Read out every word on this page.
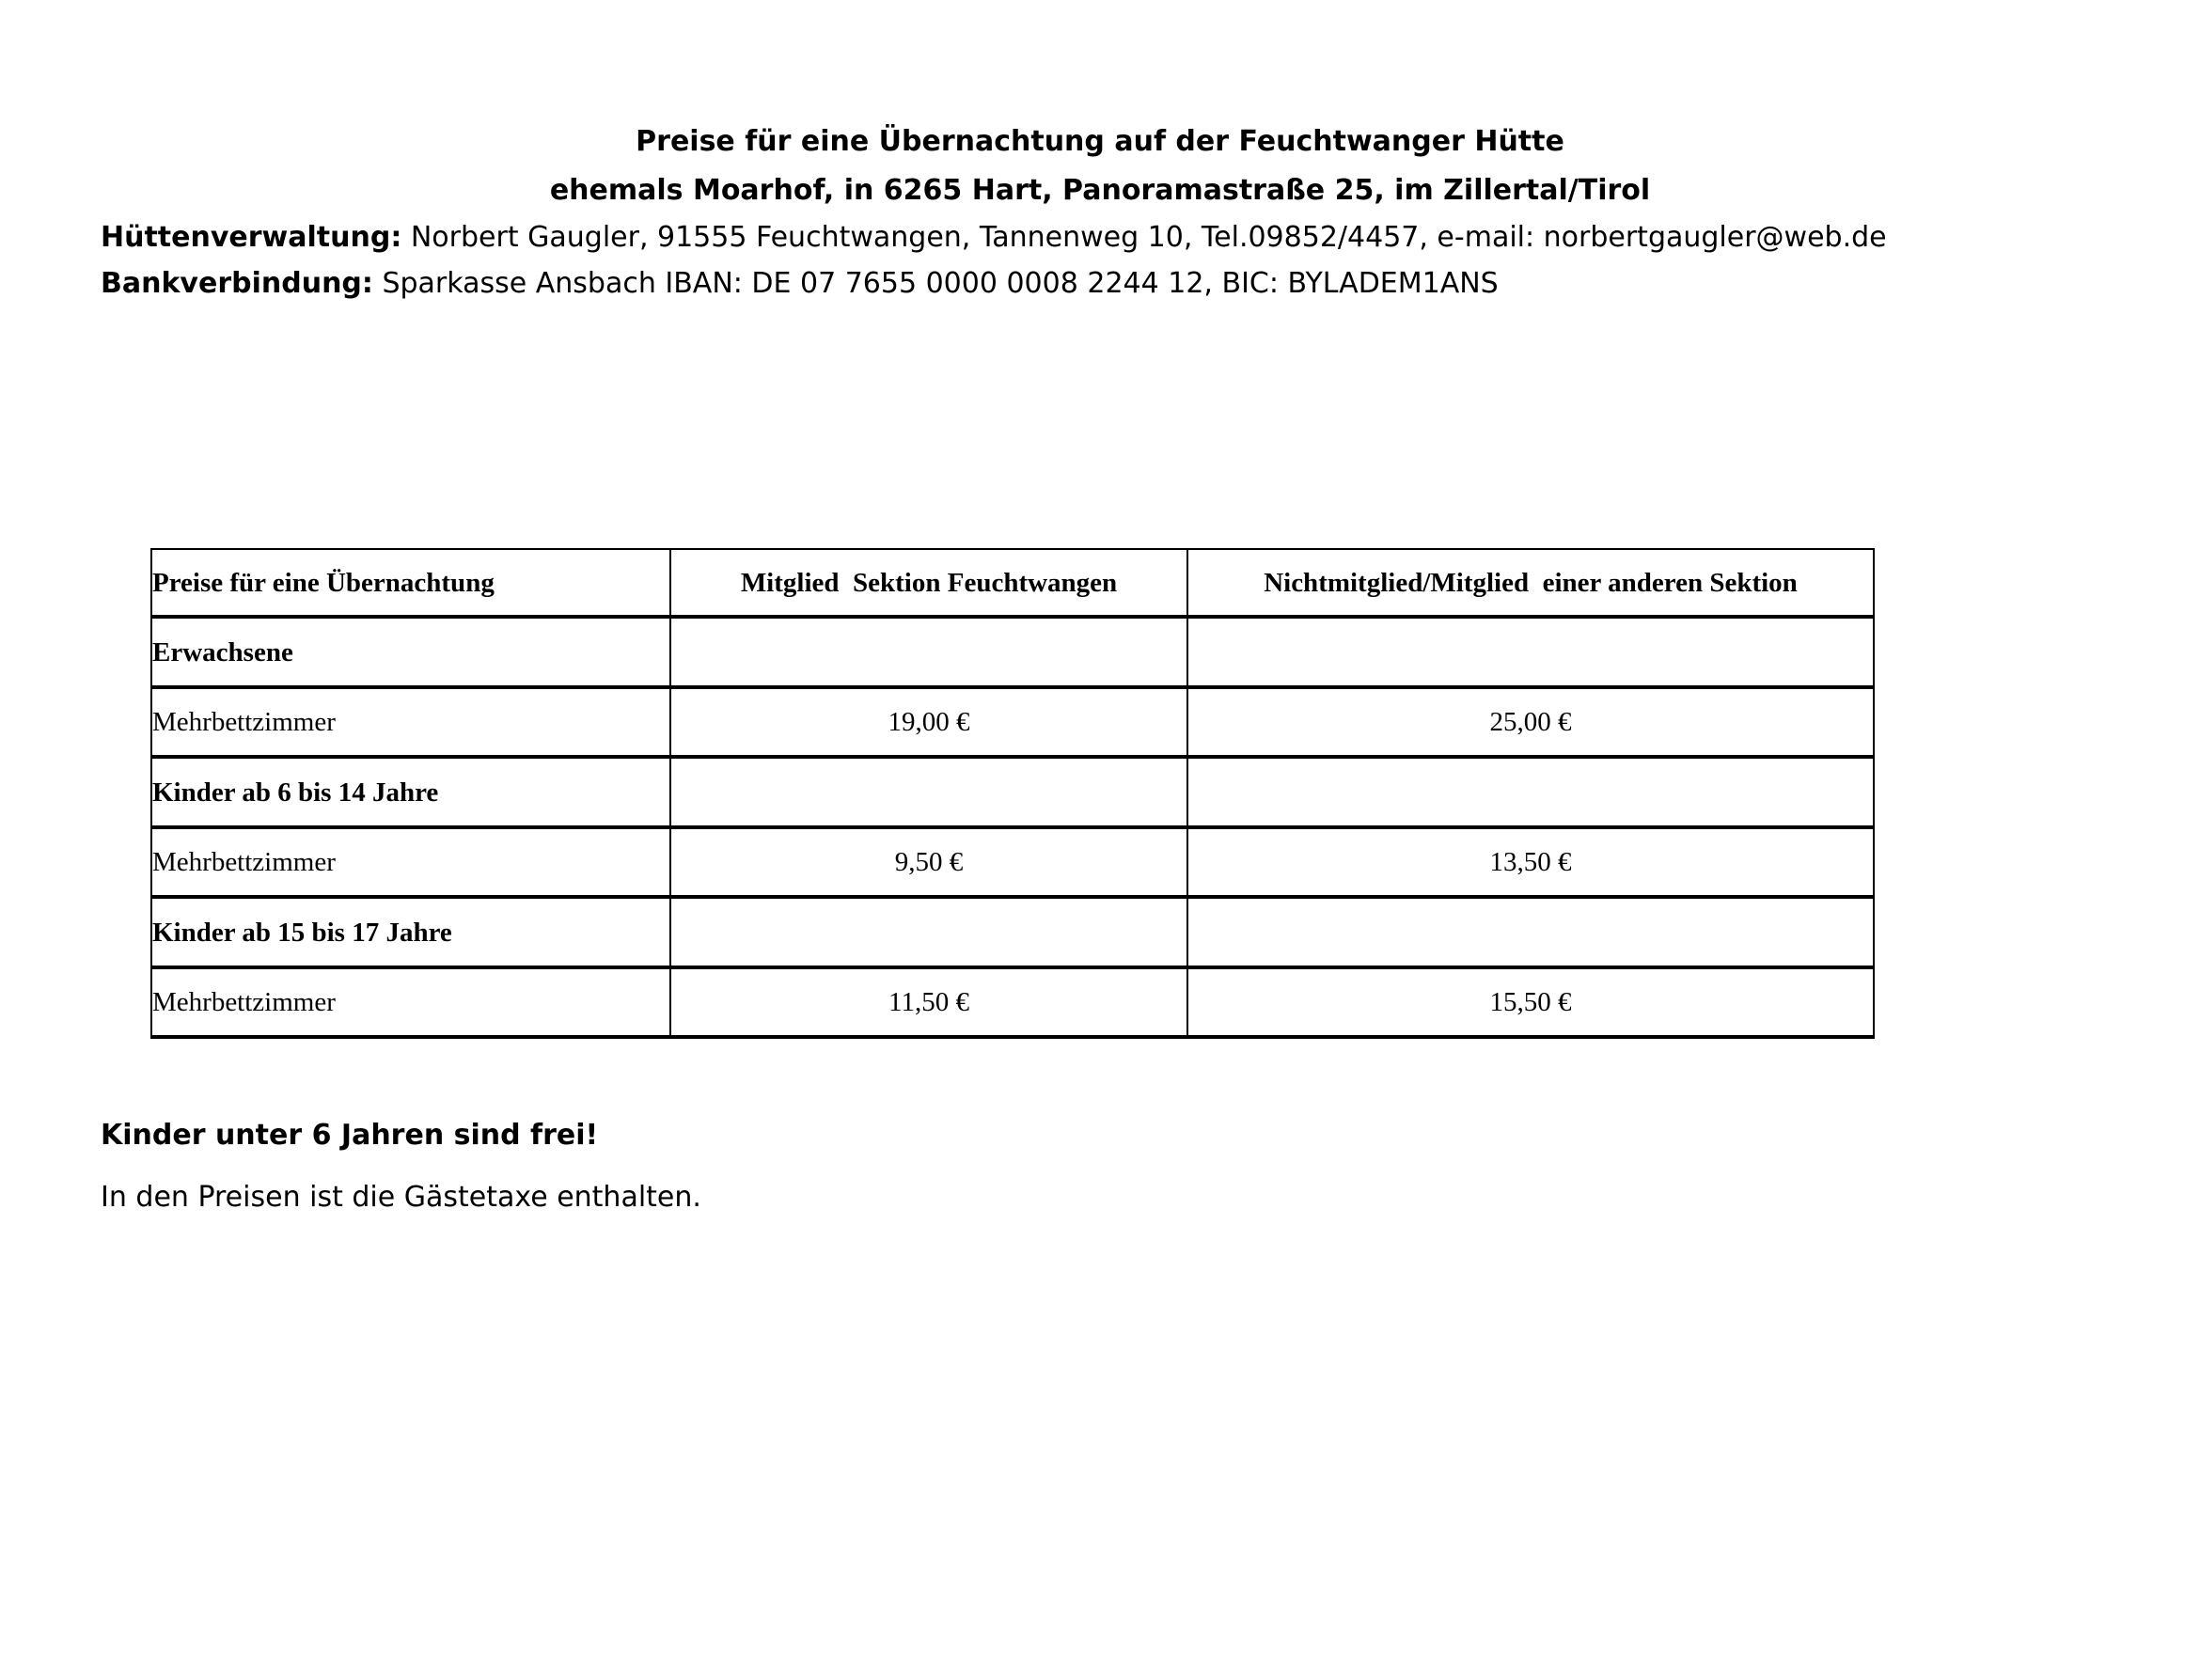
Preise für eine Übernachtung auf der Feuchtwanger Hütte
ehemals Moarhof, in 6265 Hart, Panoramastraße 25, im Zillertal/Tirol

Hüttenverwaltung: Norbert Gaugler, 91555 Feuchtwangen, Tannenweg 10, Tel.09852/4457, e-mail: norbertgaugler@web.de

Bankverbindung: Sparkasse Ansbach IBAN: DE 07 7655 0000 0008 2244 12, BIC: BYLADEM1ANS

Preise für eine Übernachtung	Mitglied  Sektion Feuchtwangen	Nichtmitglied/Mitglied  einer anderen Sektion
Erwachsene		
Mehrbettzimmer	19,00 €	25,00 €
Kinder ab 6 bis 14 Jahre		
Mehrbettzimmer	9,50 €	13,50 €
Kinder ab 15 bis 17 Jahre		
Mehrbettzimmer	11,50 €	15,50 €

Kinder unter 6 Jahren sind frei!

In den Preisen ist die Gästetaxe enthalten.
